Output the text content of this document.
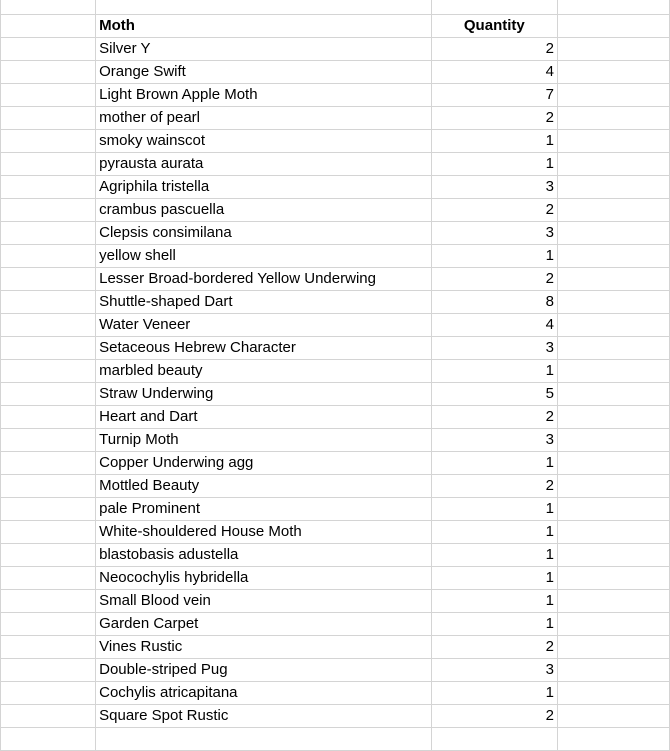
	Moth	Quantity	
	Silver Y	2	
	Orange Swift	4	
	Light Brown Apple Moth	7	
	mother of pearl	2	
	smoky wainscot	1	
	pyrausta aurata	1	
	Agriphila tristella	3	
	crambus pascuella	2	
	Clepsis consimilana	3	
	yellow shell	1	
	Lesser Broad-bordered Yellow Underwing	2	
	Shuttle-shaped Dart	8	
	Water Veneer	4	
	Setaceous Hebrew Character	3	
	marbled beauty	1	
	Straw Underwing	5	
	Heart and Dart	2	
	Turnip Moth	3	
	Copper Underwing agg	1	
	Mottled Beauty	2	
	pale Prominent	1	
	White-shouldered House Moth	1	
	blastobasis adustella	1	
	Neocochylis hybridella	1	
	Small Blood vein	1	
	Garden Carpet	1	
	Vines Rustic	2	
	Double-striped Pug	3	
	Cochylis atricapitana	1	
	Square Spot Rustic	2	
